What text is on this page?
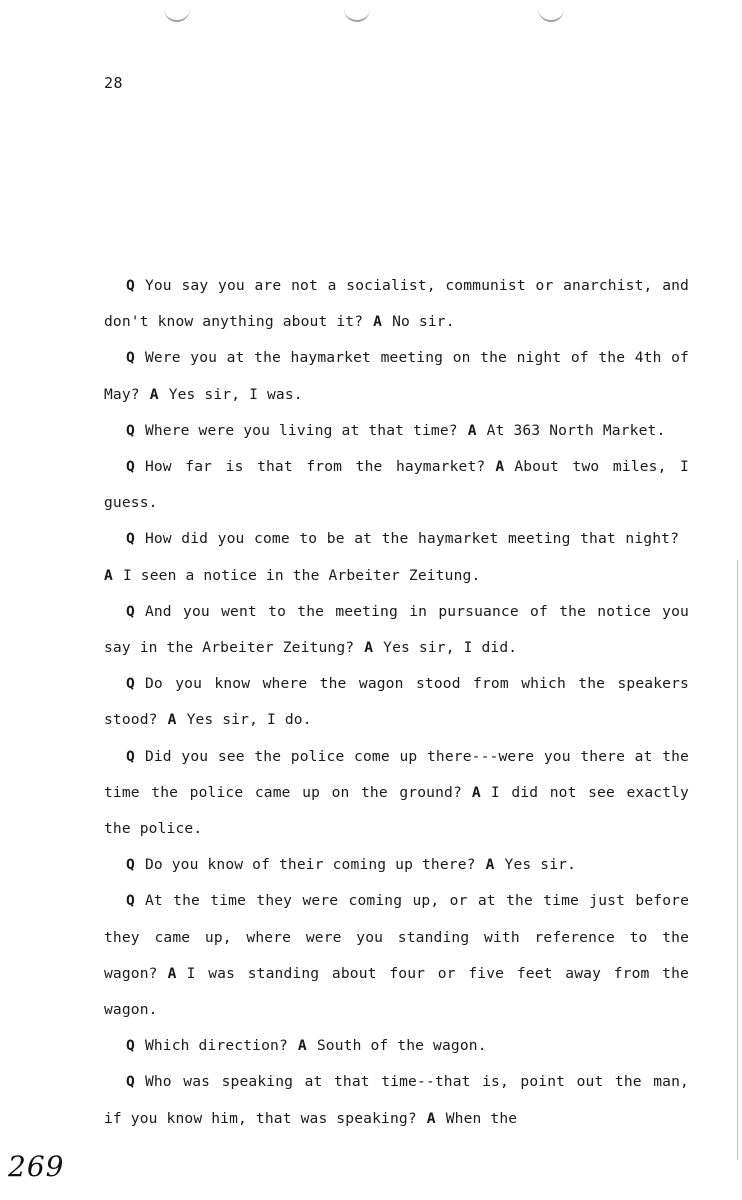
28

Q You say you are not a socialist, communist or anarchist, and don't know anything about it? A No sir.

Q Were you at the haymarket meeting on the night of the 4th of May? A Yes sir, I was.

Q Where were you living at that time? A At 363 North Market.

Q How far is that from the haymarket? A About two miles, I guess.

Q How did you come to be at the haymarket meeting that night?A I seen a notice in the Arbeiter Zeitung.

Q And you went to the meeting in pursuance of the notice you say in the Arbeiter Zeitung? A Yes sir, I did.

Q Do you know where the wagon stood from which the speakers stood? A Yes sir, I do.

Q Did you see the police come up there---were you there at the time the police came up on the ground? A I did not see exactly the police.

Q Do you know of their coming up there? A Yes sir.

Q At the time they were coming up, or at the time just before they came up, where were you standing with reference to the wagon? A I was standing about four or five feet away from the wagon.

Q Which direction? A South of the wagon.

Q Who was speaking at that time--that is, point out the man, if you know him, that was speaking? A When the

269
